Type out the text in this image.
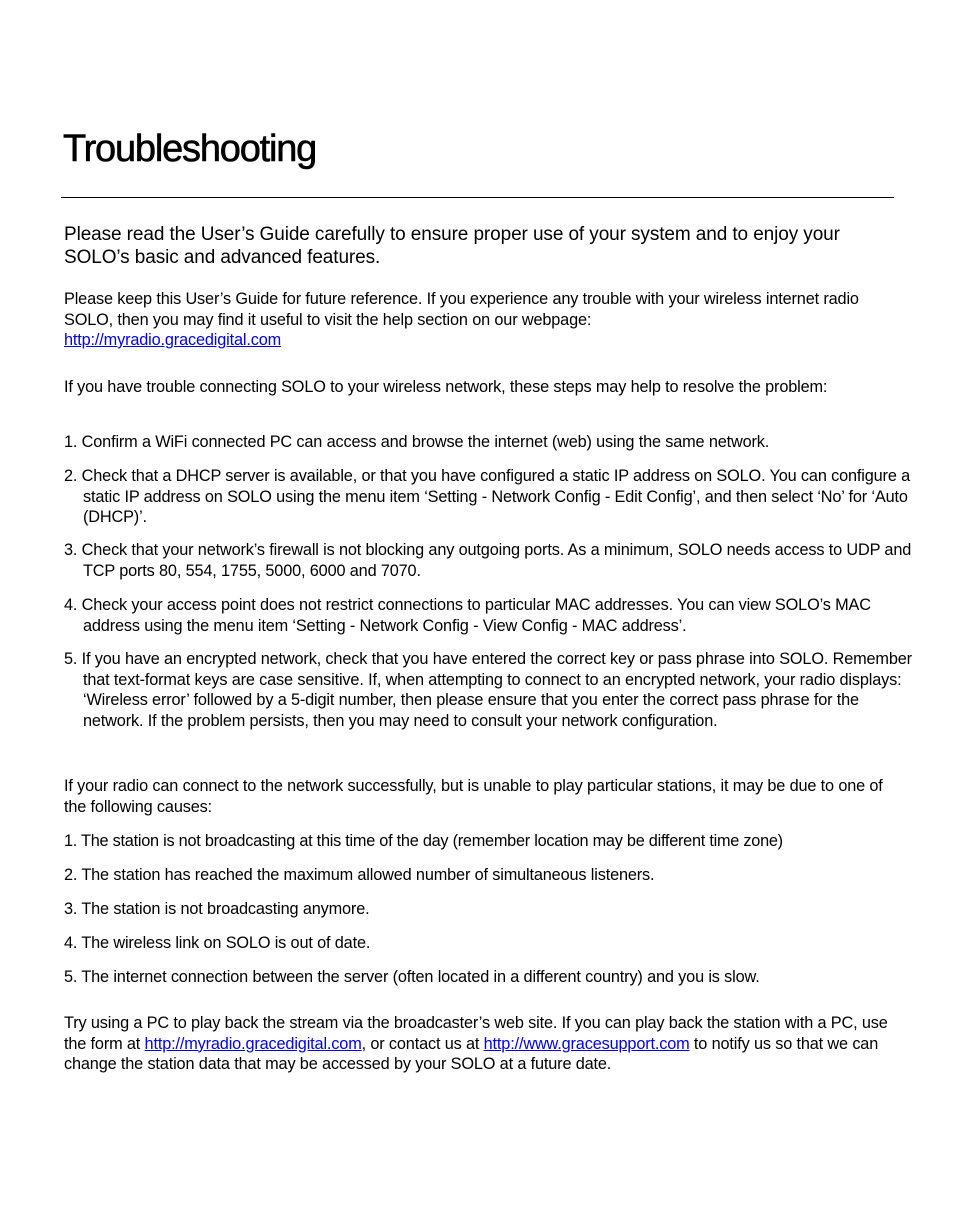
Troubleshooting

Please read the User’s Guide carefully to ensure proper use of your system and to enjoy your SOLO’s basic and advanced features.

Please keep this User’s Guide for future reference. If you experience any trouble with your wireless internet radio SOLO, then you may find it useful to visit the help section on our webpage:
http://myradio.gracedigital.com

If you have trouble connecting SOLO to your wireless network, these steps may help to resolve the problem:

1. Confirm a WiFi connected PC can access and browse the internet (web) using the same network.

2. Check that a DHCP server is available, or that you have configured a static IP address on SOLO. You can configure a static IP address on SOLO using the menu item ‘Setting - Network Config - Edit Config’, and then select ‘No’ for ‘Auto (DHCP)’.

3. Check that your network’s firewall is not blocking any outgoing ports. As a minimum, SOLO needs access to UDP and TCP ports 80, 554, 1755, 5000, 6000 and 7070.

4. Check your access point does not restrict connections to particular MAC addresses. You can view SOLO’s MAC address using the menu item ‘Setting - Network Config - View Config - MAC address’.

5. If you have an encrypted network, check that you have entered the correct key or pass phrase into SOLO. Remember that text-format keys are case sensitive. If, when attempting to connect to an encrypted network, your radio displays: ‘Wireless error’ followed by a 5-digit number, then please ensure that you enter the correct pass phrase for the network. If the problem persists, then you may need to consult your network configuration.

If your radio can connect to the network successfully, but is unable to play particular stations, it may be due to one of the following causes:

1. The station is not broadcasting at this time of the day (remember location may be different time zone)

2. The station has reached the maximum allowed number of simultaneous listeners.

3. The station is not broadcasting anymore.

4. The wireless link on SOLO is out of date.

5. The internet connection between the server (often located in a different country) and you is slow.

Try using a PC to play back the stream via the broadcaster’s web site. If you can play back the station with a PC, use the form at http://myradio.gracedigital.com, or contact us at http://www.gracesupport.com to notify us so that we can change the station data that may be accessed by your SOLO at a future date.
